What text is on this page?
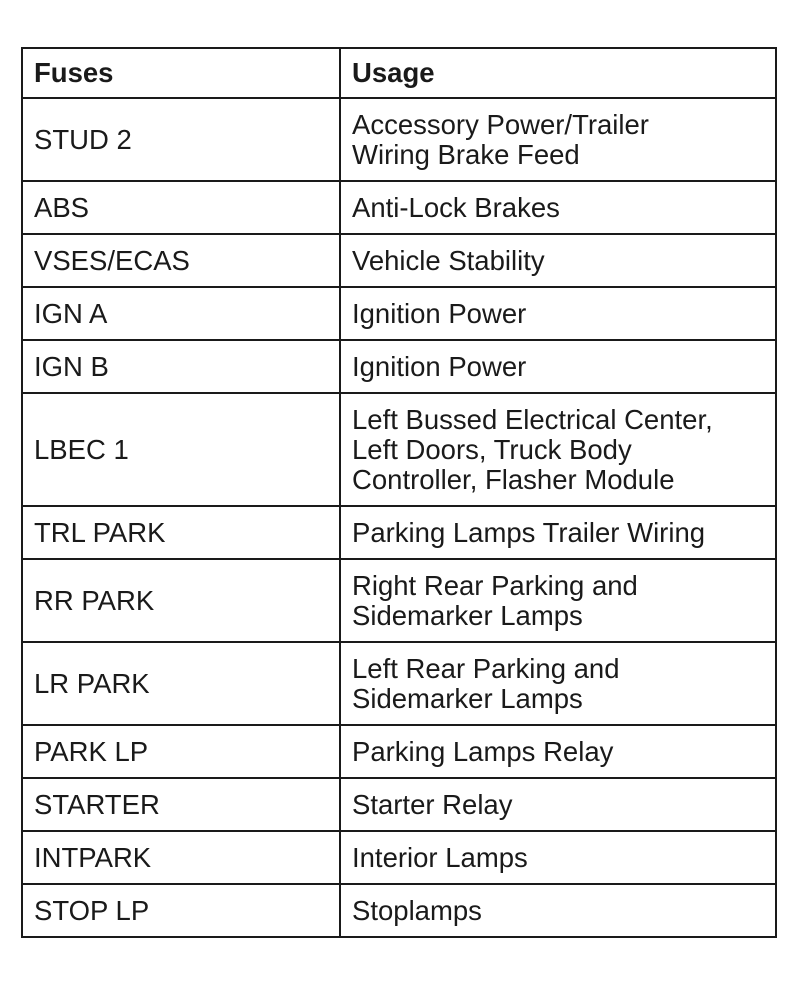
Fuses	Usage
STUD 2	Accessory Power/Trailer
Wiring Brake Feed
ABS	Anti-Lock Brakes
VSES/ECAS	Vehicle Stability
IGN A	Ignition Power
IGN B	Ignition Power
LBEC 1	Left Bussed Electrical Center,
Left Doors, Truck Body
Controller, Flasher Module
TRL PARK	Parking Lamps Trailer Wiring
RR PARK	Right Rear Parking and
Sidemarker Lamps
LR PARK	Left Rear Parking and
Sidemarker Lamps
PARK LP	Parking Lamps Relay
STARTER	Starter Relay
INTPARK	Interior Lamps
STOP LP	Stoplamps
